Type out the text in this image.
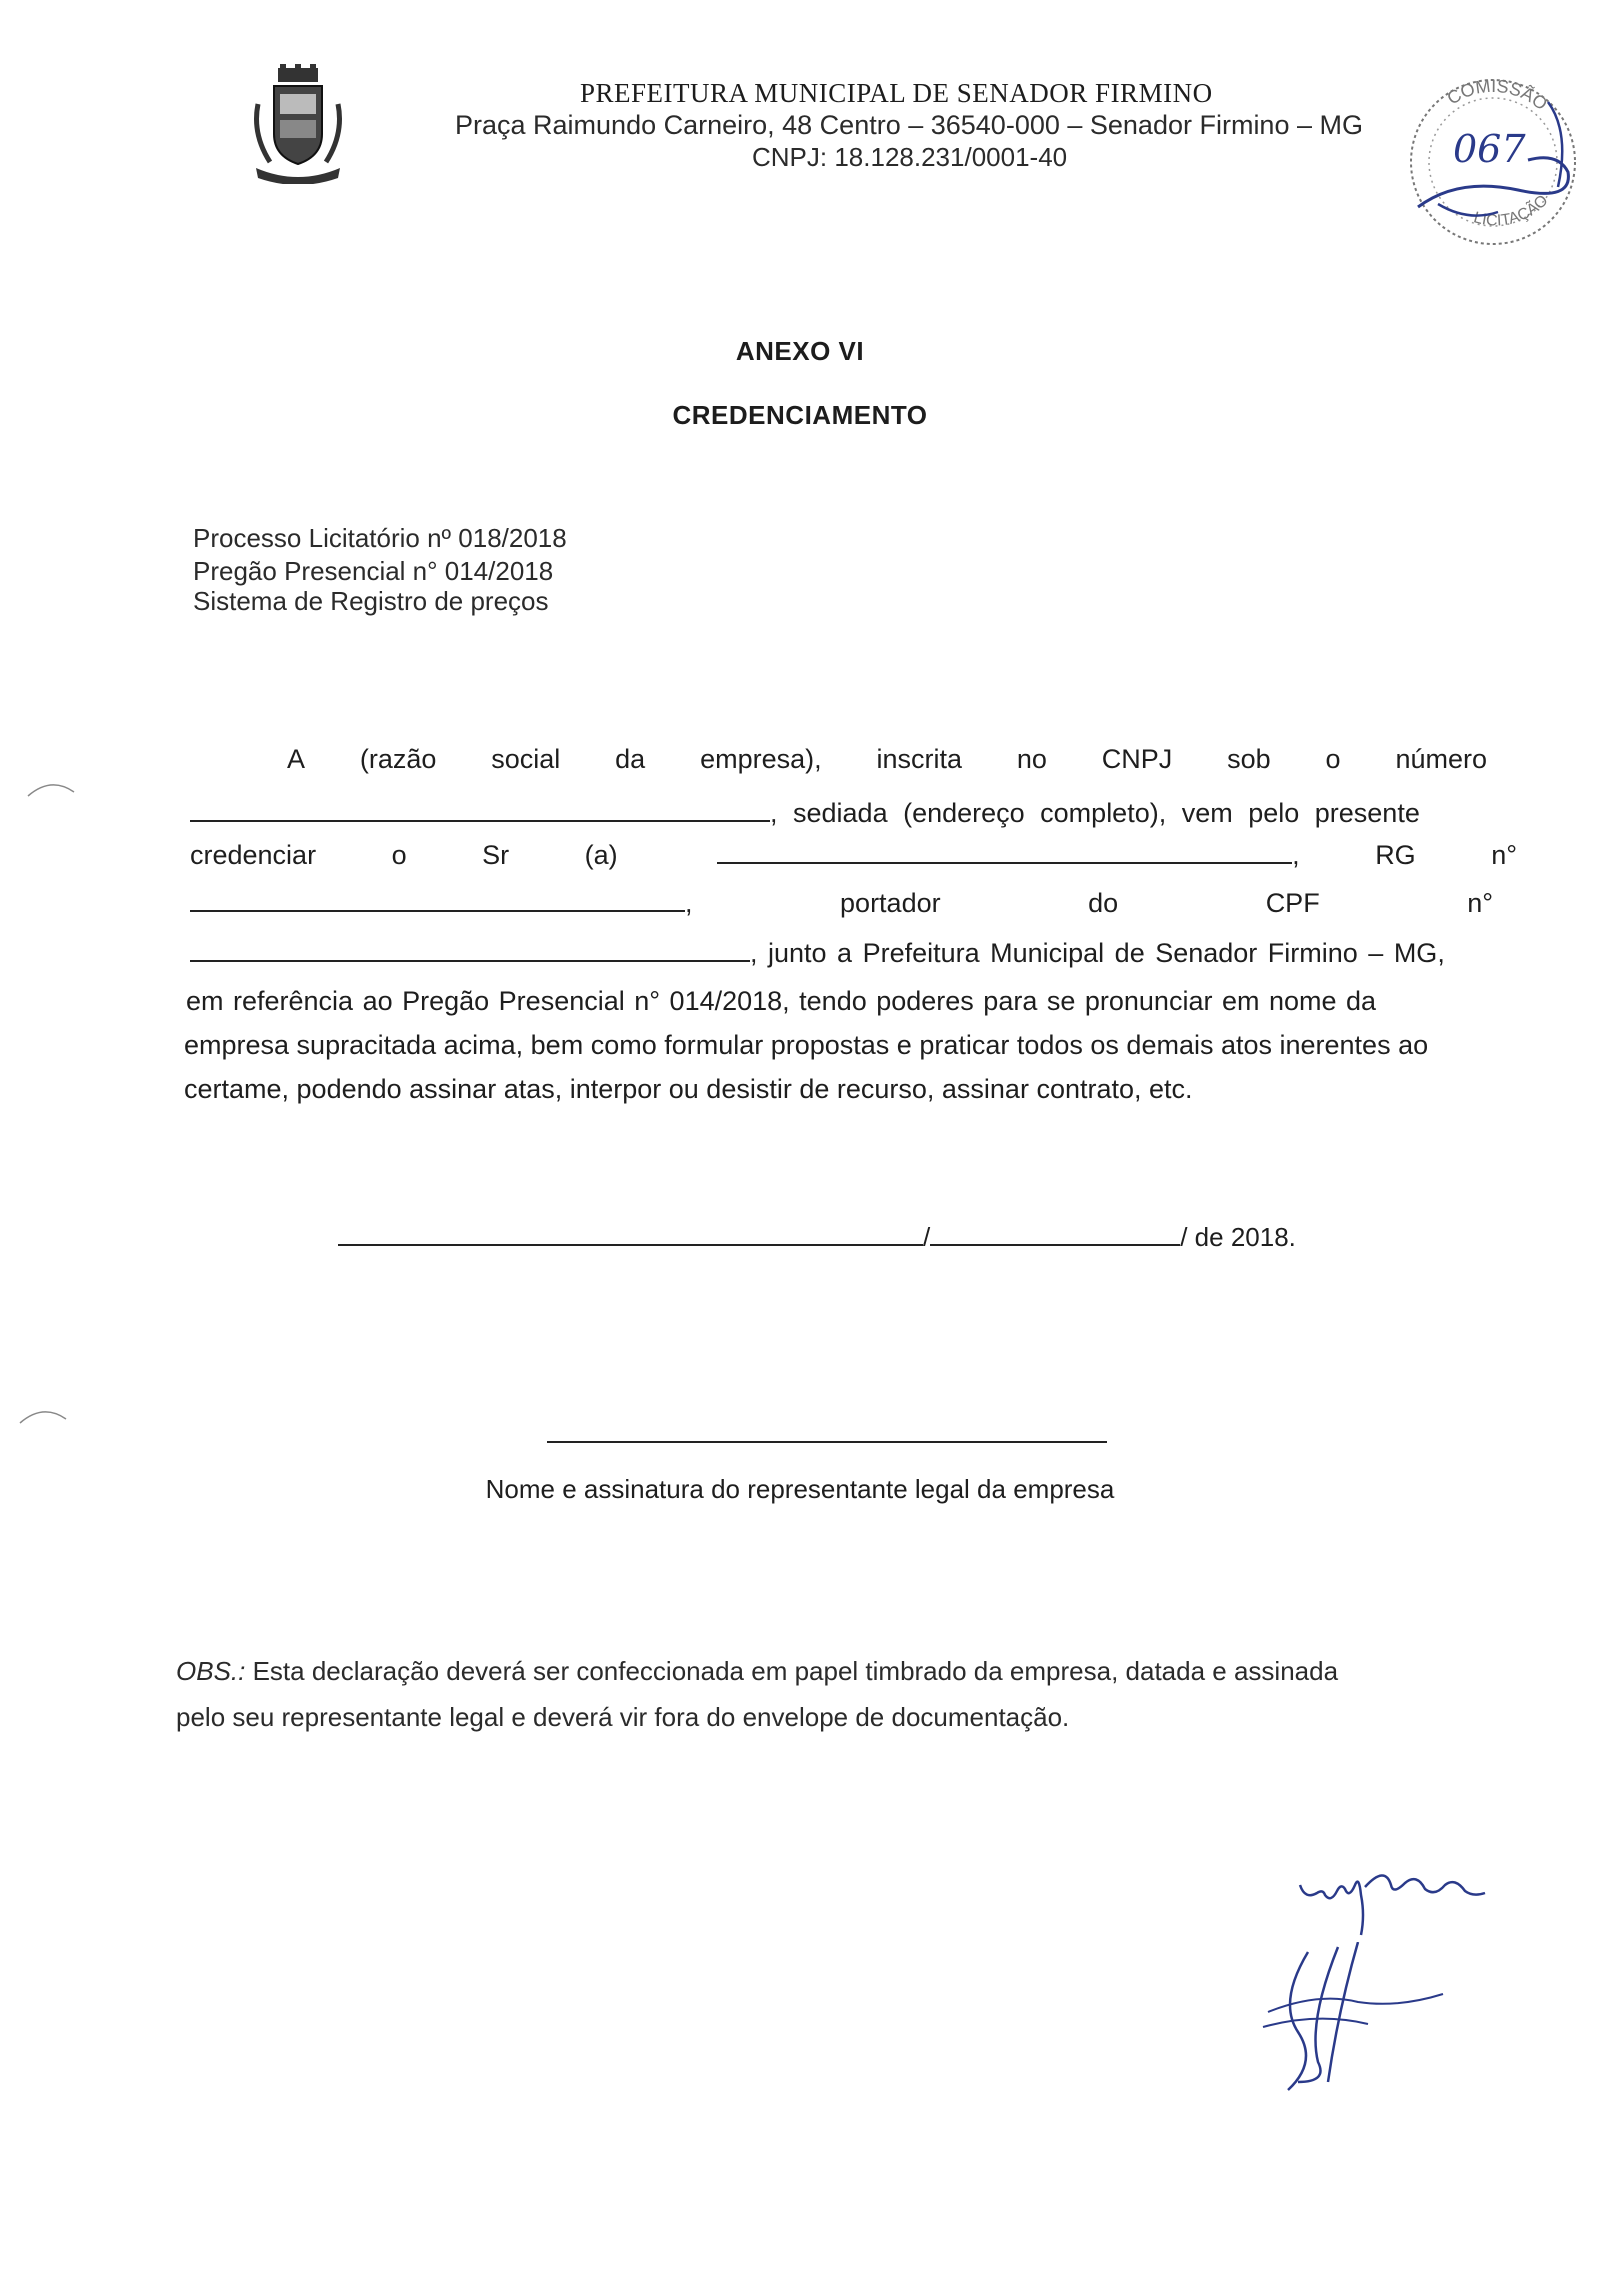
PREFEITURA MUNICIPAL DE SENADOR FIRMINO
Praça Raimundo Carneiro, 48 Centro – 36540-000 – Senador Firmino – MG
CNPJ: 18.128.231/0001-40
COMISSÃO
LICITAÇÃO
067
ANEXO VI
CREDENCIAMENTO
Processo Licitatório nº 018/2018
Pregão Presencial n° 014/2018
Sistema de Registro de preços
A (razão social da empresa), inscrita no CNPJ sob o número
, sediada (endereço completo), vem pelo presente
credenciar	o	Sr	(a)	,	RG	n°
,	portador	do	CPF	n°
, junto a Prefeitura Municipal de Senador Firmino – MG,
em referência ao Pregão Presencial n° 014/2018, tendo poderes para se pronunciar em nome da
empresa supracitada acima, bem como formular propostas e praticar todos os demais atos inerentes ao
certame, podendo assinar atas, interpor ou desistir de recurso, assinar contrato, etc.
/	/ de 2018.
Nome e assinatura do representante legal da empresa
OBS.: Esta declaração deverá ser confeccionada em papel timbrado da empresa, datada e assinada
pelo seu representante legal e deverá vir fora do envelope de documentação.
